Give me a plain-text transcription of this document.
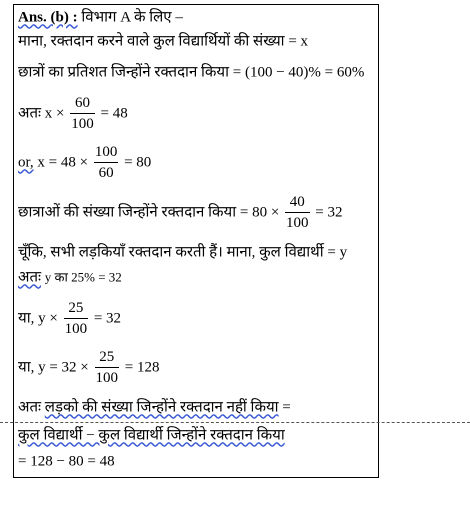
Ans. (b) : विभाग A के लिए –
माना, रक्तदान करने वाले कुल विद्यार्थियों की संख्या = x
छात्रों का प्रतिशत जिन्होंने रक्तदान किया = (100 − 40)% = 60%
अतः $x \times \frac{60}{100} = 48$
or, $x = 48 \times \frac{100}{60} = 80$
छात्राओं की संख्या जिन्होंने रक्तदान किया = $80 \times \frac{40}{100} = 32$
चूँकि, सभी लड़कियाँ रक्तदान करती हैं। माना, कुल विद्यार्थी = y
अतः y का 25% = 32
या, $y \times \frac{25}{100} = 32$
या, $y = 32 \times \frac{25}{100} = 128$
अतः लड़को की संख्या जिन्होंने रक्तदान नहीं किया =
कुल विद्यार्थी − कुल विद्यार्थी जिन्होंने रक्तदान किया
= 128 − 80 = 48
